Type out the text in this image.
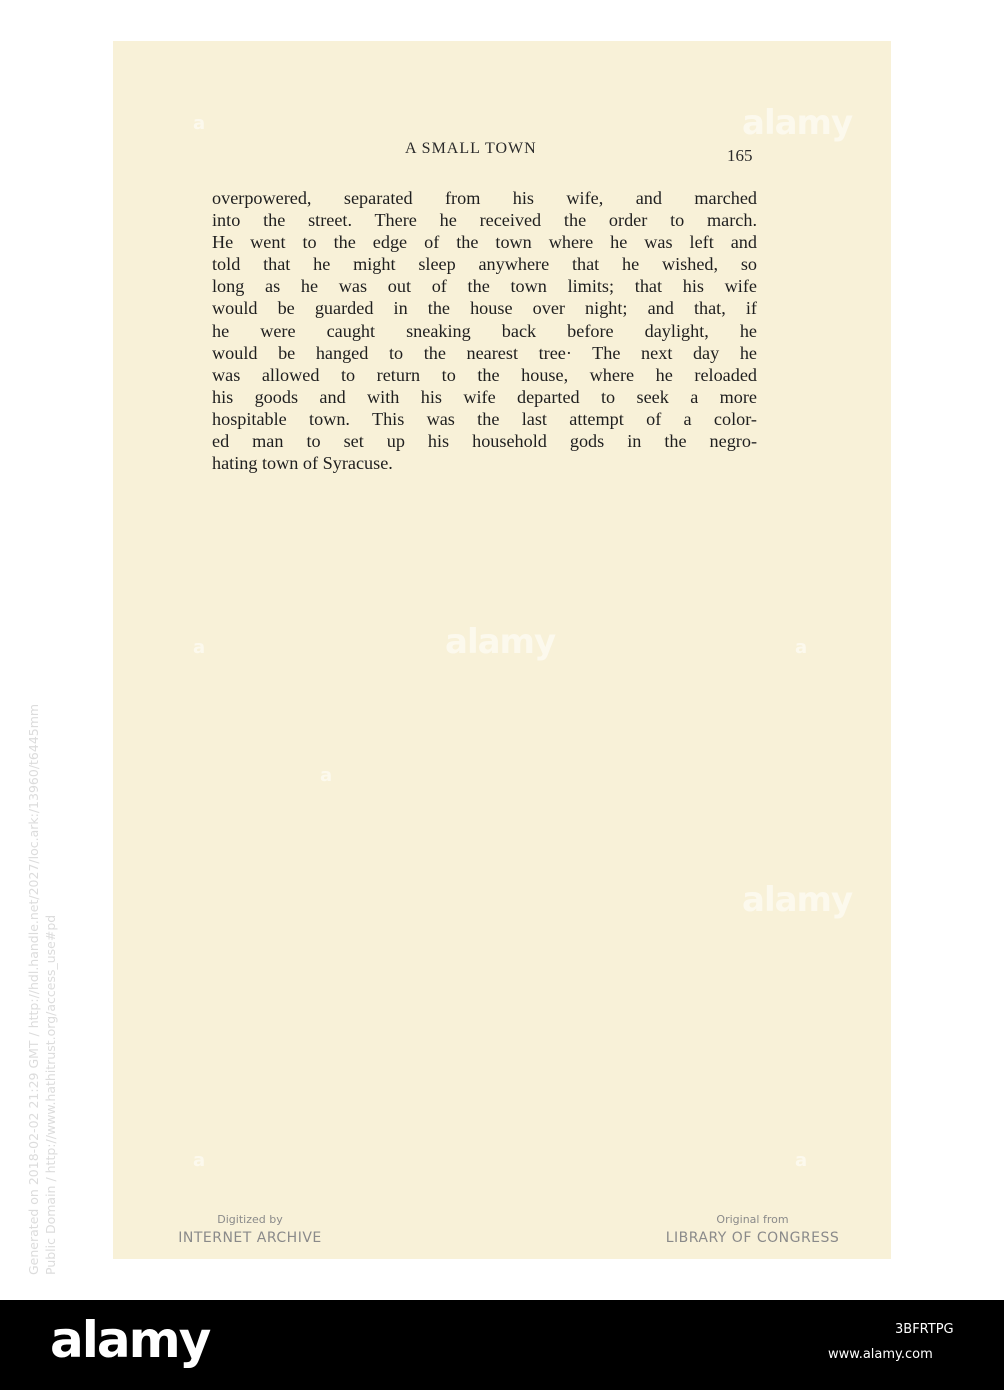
A SMALL TOWN	165
overpowered, separated from his wife, and marched
into the street. There he received the order to march.
He went to the edge of the town where he was left and
told that he might sleep anywhere that he wished, so
long as he was out of the town limits; that his wife
would be guarded in the house over night; and that, if
he were caught sneaking back before daylight, he
would be hanged to the nearest tree· The next day he
was allowed to return to the house, where he reloaded
his goods and with his wife departed to seek a more
hospitable town. This was the last attempt of a color-
ed man to set up his household gods in the negro-
hating town of Syracuse.
Generated on 2018-02-02 21:29 GMT / http://hdl.handle.net/2027/loc.ark:/13960/t6445mm Public Domain / http://www.hathitrust.org/access_use#pd	Digitized by
INTERNET ARCHIVE
Original from
LIBRARY OF CONGRESS
alamy
alamy
alamy
a
a	a
a
a	a
alamy	3BFRTPG
www.alamy.com
